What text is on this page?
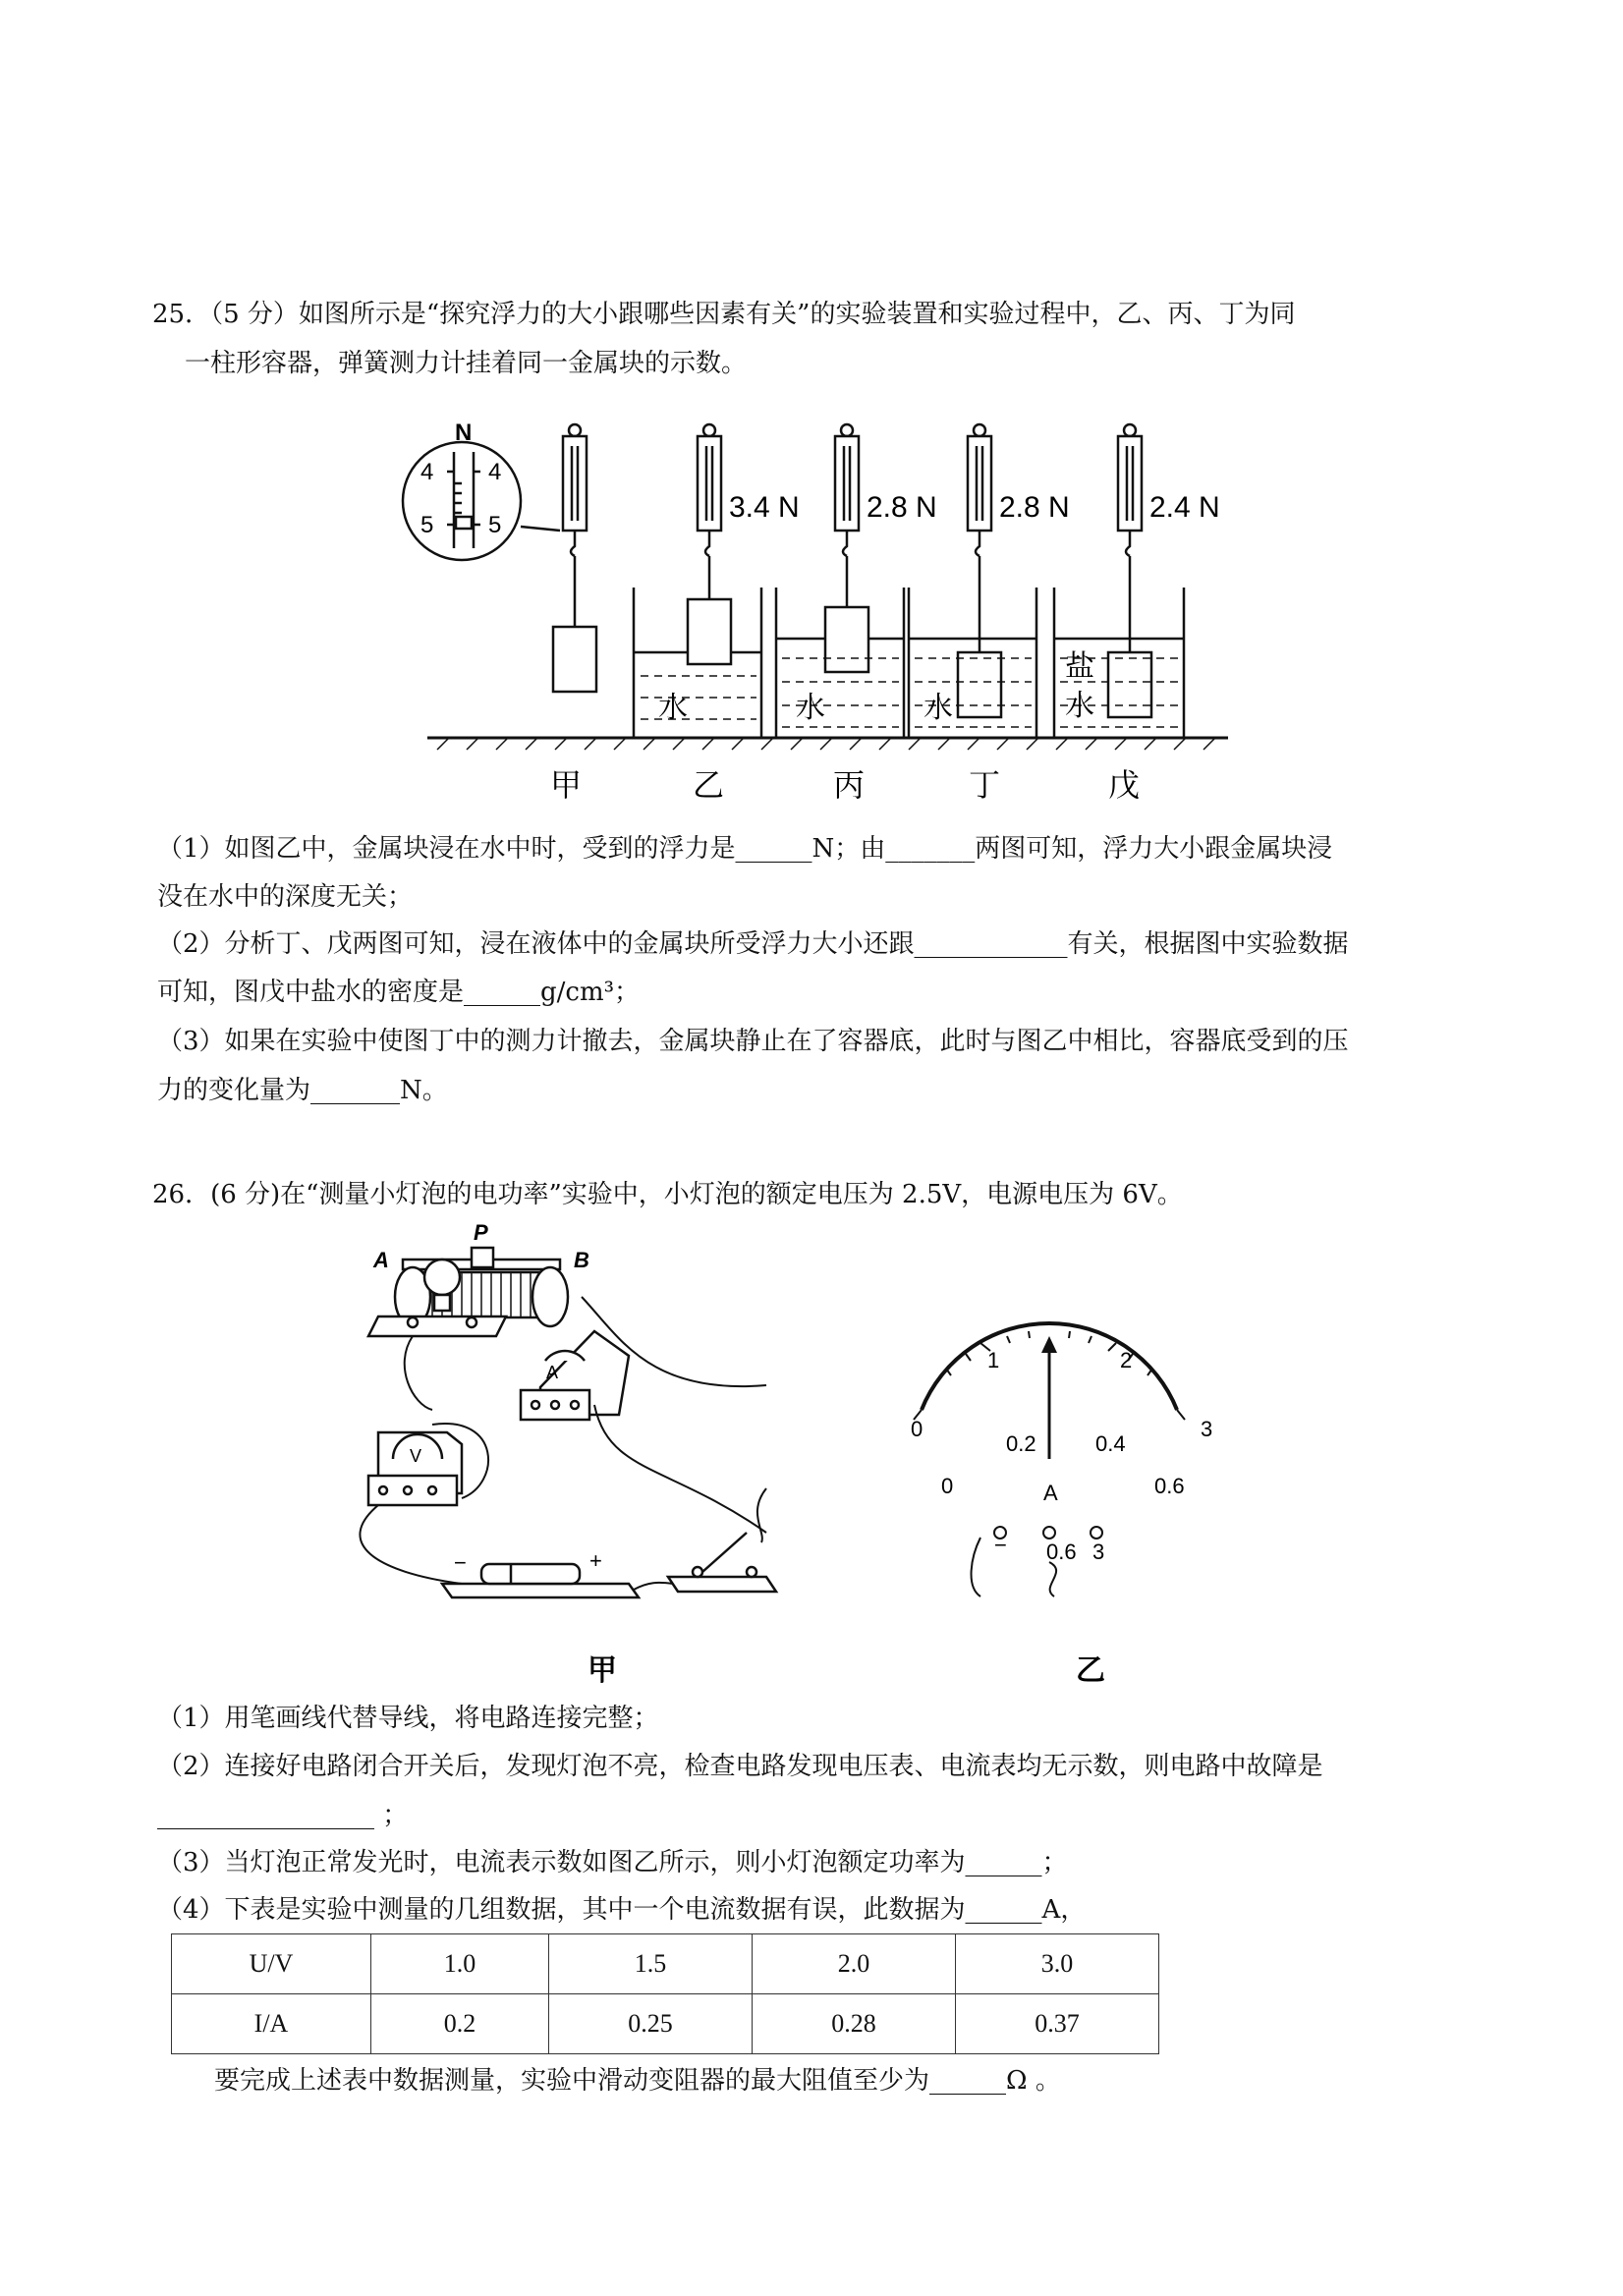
25．（5 分）如图所示是“探究浮力的大小跟哪些因素有关”的实验装置和实验过程中，乙、丙、丁为同
一柱形容器，弹簧测力计挂着同一金属块的示数。
N
4 4
5 5
3.4 N 2.8 N 2.8 N	2.4 N
水	水	水
盐
水
甲	乙	丙	丁	戊
（1）如图乙中，金属块浸在水中时，受到的浮力是______N；由_______两图可知，浮力大小跟金属块浸
没在水中的深度无关；
（2）分析丁、戊两图可知，浸在液体中的金属块所受浮力大小还跟____________有关，根据图中实验数据
可知，图戊中盐水的密度是______g/cm³；
（3）如果在实验中使图丁中的测力计撤去，金属块静止在了容器底，此时与图乙中相比，容器底受到的压
力的变化量为_______N。
26．(6 分)在“测量小灯泡的电功率”实验中，小灯泡的额定电压为 2.5V，电源电压为 6V。
A	B
P
A
V
−	+
0
1	2
3
0
0.2	0.4
0.6
A
0.6 3
−
甲	乙
（1）用笔画线代替导线，将电路连接完整；
（2）连接好电路闭合开关后，发现灯泡不亮，检查电路发现电压表、电流表均无示数，则电路中故障是
_________________ ；
（3）当灯泡正常发光时，电流表示数如图乙所示，则小灯泡额定功率为______；
（4）下表是实验中测量的几组数据，其中一个电流数据有误，此数据为______A，
U/V	1.0	1.5	2.0	3.0
I/A	0.2	0.25	0.28	0.37
要完成上述表中数据测量，实验中滑动变阻器的最大阻值至少为______Ω 。
